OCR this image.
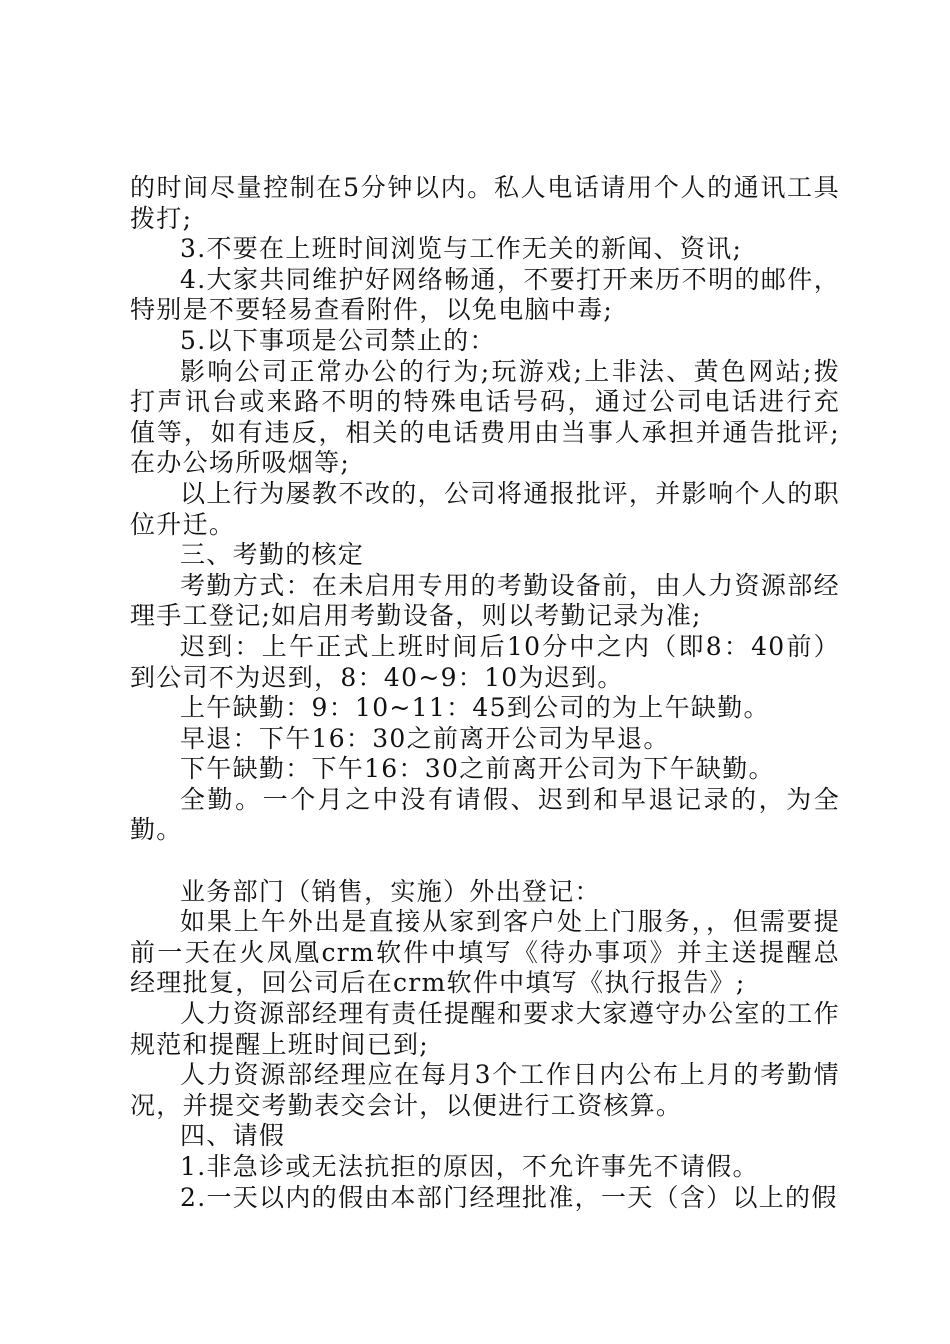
的时间尽量控制在5分钟以内。私人电话请用个人的通讯工具拨打;

3.不要在上班时间浏览与工作无关的新闻、资讯;

4.大家共同维护好网络畅通，不要打开来历不明的邮件，特别是不要轻易查看附件，以免电脑中毒;

5.以下事项是公司禁止的：

影响公司正常办公的行为;玩游戏;上非法、黄色网站;拨打声讯台或来路不明的特殊电话号码，通过公司电话进行充值等，如有违反，相关的电话费用由当事人承担并通告批评;在办公场所吸烟等;

以上行为屡教不改的，公司将通报批评，并影响个人的职位升迁。

三、考勤的核定

考勤方式：在未启用专用的考勤设备前，由人力资源部经理手工登记;如启用考勤设备，则以考勤记录为准;

迟到：上午正式上班时间后10分中之内（即8：40前）到公司不为迟到，8：40~9：10为迟到。

上午缺勤：9：10~11：45到公司的为上午缺勤。

早退：下午16：30之前离开公司为早退。

下午缺勤：下午16：30之前离开公司为下午缺勤。

全勤。一个月之中没有请假、迟到和早退记录的，为全勤。

业务部门（销售，实施）外出登记：

如果上午外出是直接从家到客户处上门服务，，但需要提前一天在火凤凰crm软件中填写《待办事项》并主送提醒总经理批复，回公司后在crm软件中填写《执行报告》;

人力资源部经理有责任提醒和要求大家遵守办公室的工作规范和提醒上班时间已到;

人力资源部经理应在每月3个工作日内公布上月的考勤情况，并提交考勤表交会计，以便进行工资核算。

四、请假

1.非急诊或无法抗拒的原因，不允许事先不请假。

2.一天以内的假由本部门经理批准，一天（含）以上的假
